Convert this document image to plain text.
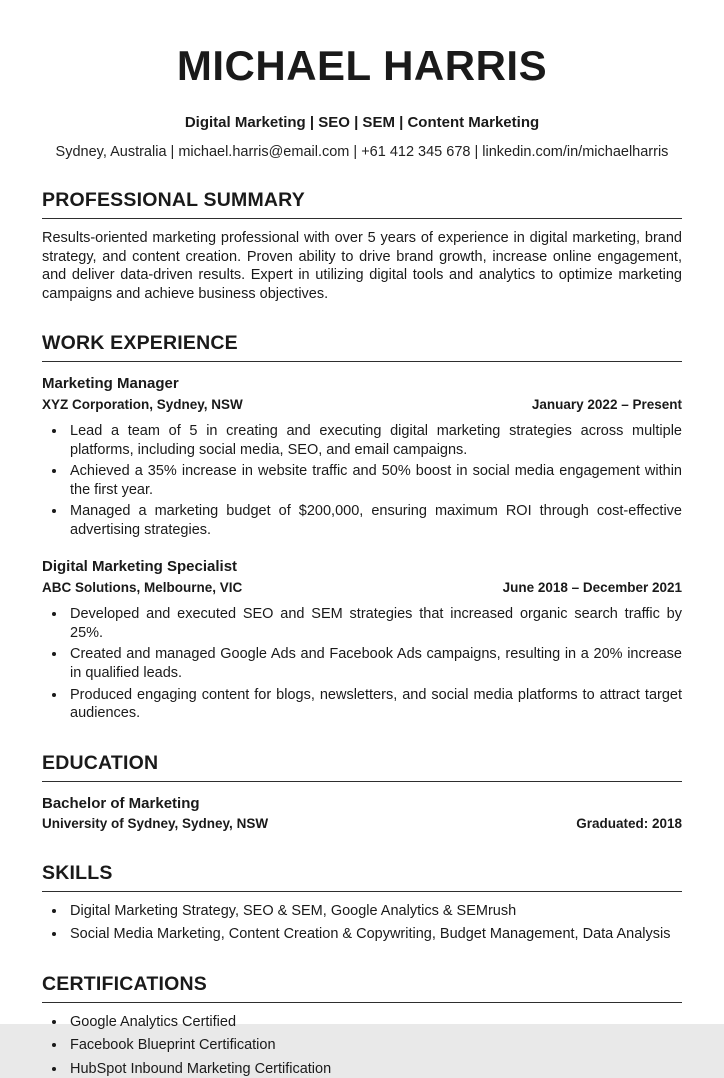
MICHAEL HARRIS
Digital Marketing | SEO | SEM | Content Marketing
Sydney, Australia | michael.harris@email.com | +61 412 345 678 | linkedin.com/in/michaelharris
PROFESSIONAL SUMMARY

Results-oriented marketing professional with over 5 years of experience in digital marketing, brand strategy, and content creation. Proven ability to drive brand growth, increase online engagement, and deliver data-driven results. Expert in utilizing digital tools and analytics to optimize marketing campaigns and achieve business objectives.

WORK EXPERIENCE
Marketing Manager
XYZ Corporation, Sydney, NSW	January 2022 – Present
• Lead a team of 5 in creating and executing digital marketing strategies across multiple platforms, including social media, SEO, and email campaigns.
• Achieved a 35% increase in website traffic and 50% boost in social media engagement within the first year.
• Managed a marketing budget of $200,000, ensuring maximum ROI through cost-effective advertising strategies.
Digital Marketing Specialist
ABC Solutions, Melbourne, VIC	June 2018 – December 2021
• Developed and executed SEO and SEM strategies that increased organic search traffic by 25%.
• Created and managed Google Ads and Facebook Ads campaigns, resulting in a 20% increase in qualified leads.
• Produced engaging content for blogs, newsletters, and social media platforms to attract target audiences.
EDUCATION
Bachelor of Marketing
University of Sydney, Sydney, NSW	Graduated: 2018
SKILLS
• Digital Marketing Strategy, SEO & SEM, Google Analytics & SEMrush
• Social Media Marketing, Content Creation & Copywriting, Budget Management, Data Analysis
CERTIFICATIONS
• Google Analytics Certified
• Facebook Blueprint Certification
• HubSpot Inbound Marketing Certification
